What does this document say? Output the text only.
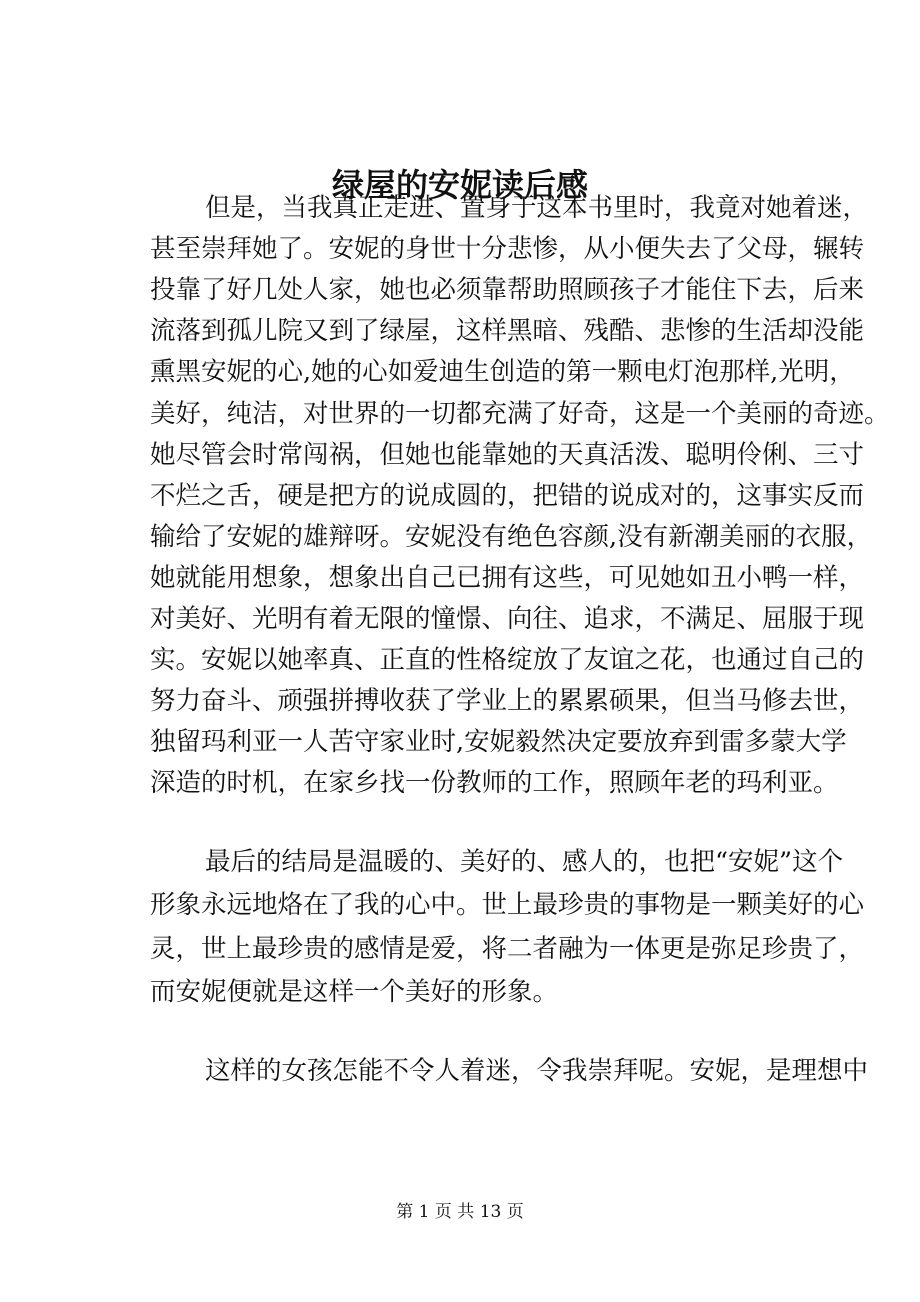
绿屋的安妮读后感
但是，当我真正走进、置身于这本书里时，我竟对她着迷，
甚至崇拜她了。安妮的身世十分悲惨，从小便失去了父母，辗转
投靠了好几处人家，她也必须靠帮助照顾孩子才能住下去，后来
流落到孤儿院又到了绿屋，这样黑暗、残酷、悲惨的生活却没能
熏黑安妮的心,她的心如爱迪生创造的第一颗电灯泡那样,光明，
美好，纯洁，对世界的一切都充满了好奇，这是一个美丽的奇迹。
她尽管会时常闯祸，但她也能靠她的天真活泼、聪明伶俐、三寸
不烂之舌，硬是把方的说成圆的，把错的说成对的，这事实反而
输给了安妮的雄辩呀。安妮没有绝色容颜,没有新潮美丽的衣服，
她就能用想象，想象出自己已拥有这些，可见她如丑小鸭一样，
对美好、光明有着无限的憧憬、向往、追求，不满足、屈服于现
实。安妮以她率真、正直的性格绽放了友谊之花，也通过自己的
努力奋斗、顽强拼搏收获了学业上的累累硕果，但当马修去世，
独留玛利亚一人苦守家业时,安妮毅然决定要放弃到雷多蒙大学
深造的时机，在家乡找一份教师的工作，照顾年老的玛利亚。
最后的结局是温暖的、美好的、感人的，也把“安妮”这个
形象永远地烙在了我的心中。世上最珍贵的事物是一颗美好的心
灵，世上最珍贵的感情是爱，将二者融为一体更是弥足珍贵了，
而安妮便就是这样一个美好的形象。
这样的女孩怎能不令人着迷，令我崇拜呢。安妮，是理想中
第 1 页 共 13 页
